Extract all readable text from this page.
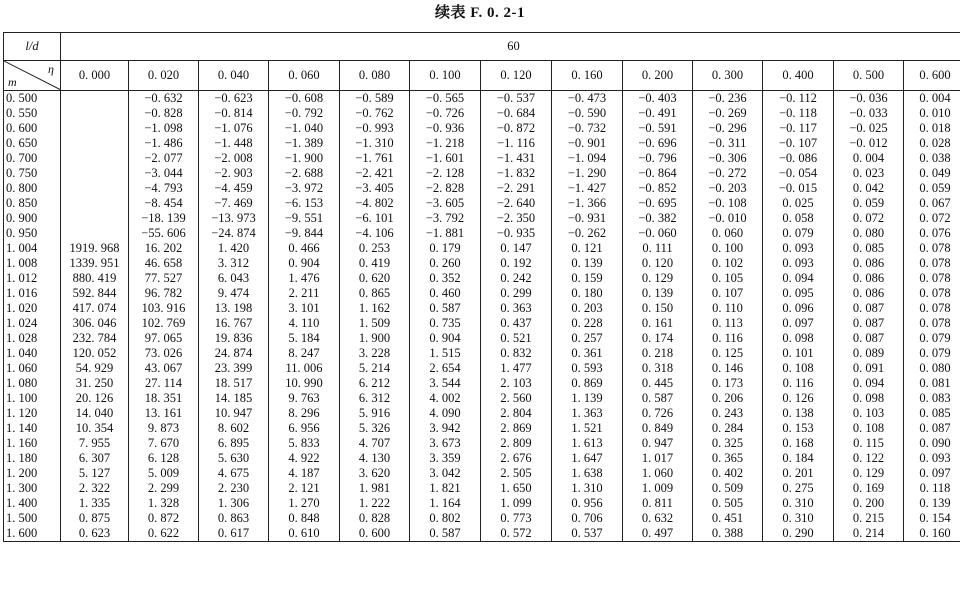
续表 F. 0. 2-1
l/d	60												

η
m	0. 000	0. 020	0. 040	0. 060	0. 080	0. 100	0. 120	0. 160	0. 200	0. 300	0. 400	0. 500	0. 600
0. 500		−0. 632	−0. 623	−0. 608	−0. 589	−0. 565	−0. 537	−0. 473	−0. 403	−0. 236	−0. 112	−0. 036	0. 004
0. 550		−0. 828	−0. 814	−0. 792	−0. 762	−0. 726	−0. 684	−0. 590	−0. 491	−0. 269	−0. 118	−0. 033	0. 010
0. 600		−1. 098	−1. 076	−1. 040	−0. 993	−0. 936	−0. 872	−0. 732	−0. 591	−0. 296	−0. 117	−0. 025	0. 018
0. 650		−1. 486	−1. 448	−1. 389	−1. 310	−1. 218	−1. 116	−0. 901	−0. 696	−0. 311	−0. 107	−0. 012	0. 028
0. 700		−2. 077	−2. 008	−1. 900	−1. 761	−1. 601	−1. 431	−1. 094	−0. 796	−0. 306	−0. 086	0. 004	0. 038
0. 750		−3. 044	−2. 903	−2. 688	−2. 421	−2. 128	−1. 832	−1. 290	−0. 864	−0. 272	−0. 054	0. 023	0. 049
0. 800		−4. 793	−4. 459	−3. 972	−3. 405	−2. 828	−2. 291	−1. 427	−0. 852	−0. 203	−0. 015	0. 042	0. 059
0. 850		−8. 454	−7. 469	−6. 153	−4. 802	−3. 605	−2. 640	−1. 366	−0. 695	−0. 108	0. 025	0. 059	0. 067
0. 900		−18. 139	−13. 973	−9. 551	−6. 101	−3. 792	−2. 350	−0. 931	−0. 382	−0. 010	0. 058	0. 072	0. 072
0. 950		−55. 606	−24. 874	−9. 844	−4. 106	−1. 881	−0. 935	−0. 262	−0. 060	0. 060	0. 079	0. 080	0. 076
1. 004	1919. 968	16. 202	1. 420	0. 466	0. 253	0. 179	0. 147	0. 121	0. 111	0. 100	0. 093	0. 085	0. 078
1. 008	1339. 951	46. 658	3. 312	0. 904	0. 419	0. 260	0. 192	0. 139	0. 120	0. 102	0. 093	0. 086	0. 078
1. 012	880. 419	77. 527	6. 043	1. 476	0. 620	0. 352	0. 242	0. 159	0. 129	0. 105	0. 094	0. 086	0. 078
1. 016	592. 844	96. 782	9. 474	2. 211	0. 865	0. 460	0. 299	0. 180	0. 139	0. 107	0. 095	0. 086	0. 078
1. 020	417. 074	103. 916	13. 198	3. 101	1. 162	0. 587	0. 363	0. 203	0. 150	0. 110	0. 096	0. 087	0. 078
1. 024	306. 046	102. 769	16. 767	4. 110	1. 509	0. 735	0. 437	0. 228	0. 161	0. 113	0. 097	0. 087	0. 078
1. 028	232. 784	97. 065	19. 836	5. 184	1. 900	0. 904	0. 521	0. 257	0. 174	0. 116	0. 098	0. 087	0. 079
1. 040	120. 052	73. 026	24. 874	8. 247	3. 228	1. 515	0. 832	0. 361	0. 218	0. 125	0. 101	0. 089	0. 079
1. 060	54. 929	43. 067	23. 399	11. 006	5. 214	2. 654	1. 477	0. 593	0. 318	0. 146	0. 108	0. 091	0. 080
1. 080	31. 250	27. 114	18. 517	10. 990	6. 212	3. 544	2. 103	0. 869	0. 445	0. 173	0. 116	0. 094	0. 081
1. 100	20. 126	18. 351	14. 185	9. 763	6. 312	4. 002	2. 560	1. 139	0. 587	0. 206	0. 126	0. 098	0. 083
1. 120	14. 040	13. 161	10. 947	8. 296	5. 916	4. 090	2. 804	1. 363	0. 726	0. 243	0. 138	0. 103	0. 085
1. 140	10. 354	9. 873	8. 602	6. 956	5. 326	3. 942	2. 869	1. 521	0. 849	0. 284	0. 153	0. 108	0. 087
1. 160	7. 955	7. 670	6. 895	5. 833	4. 707	3. 673	2. 809	1. 613	0. 947	0. 325	0. 168	0. 115	0. 090
1. 180	6. 307	6. 128	5. 630	4. 922	4. 130	3. 359	2. 676	1. 647	1. 017	0. 365	0. 184	0. 122	0. 093
1. 200	5. 127	5. 009	4. 675	4. 187	3. 620	3. 042	2. 505	1. 638	1. 060	0. 402	0. 201	0. 129	0. 097
1. 300	2. 322	2. 299	2. 230	2. 121	1. 981	1. 821	1. 650	1. 310	1. 009	0. 509	0. 275	0. 169	0. 118
1. 400	1. 335	1. 328	1. 306	1. 270	1. 222	1. 164	1. 099	0. 956	0. 811	0. 505	0. 310	0. 200	0. 139
1. 500	0. 875	0. 872	0. 863	0. 848	0. 828	0. 802	0. 773	0. 706	0. 632	0. 451	0. 310	0. 215	0. 154
1. 600	0. 623	0. 622	0. 617	0. 610	0. 600	0. 587	0. 572	0. 537	0. 497	0. 388	0. 290	0. 214	0. 160
